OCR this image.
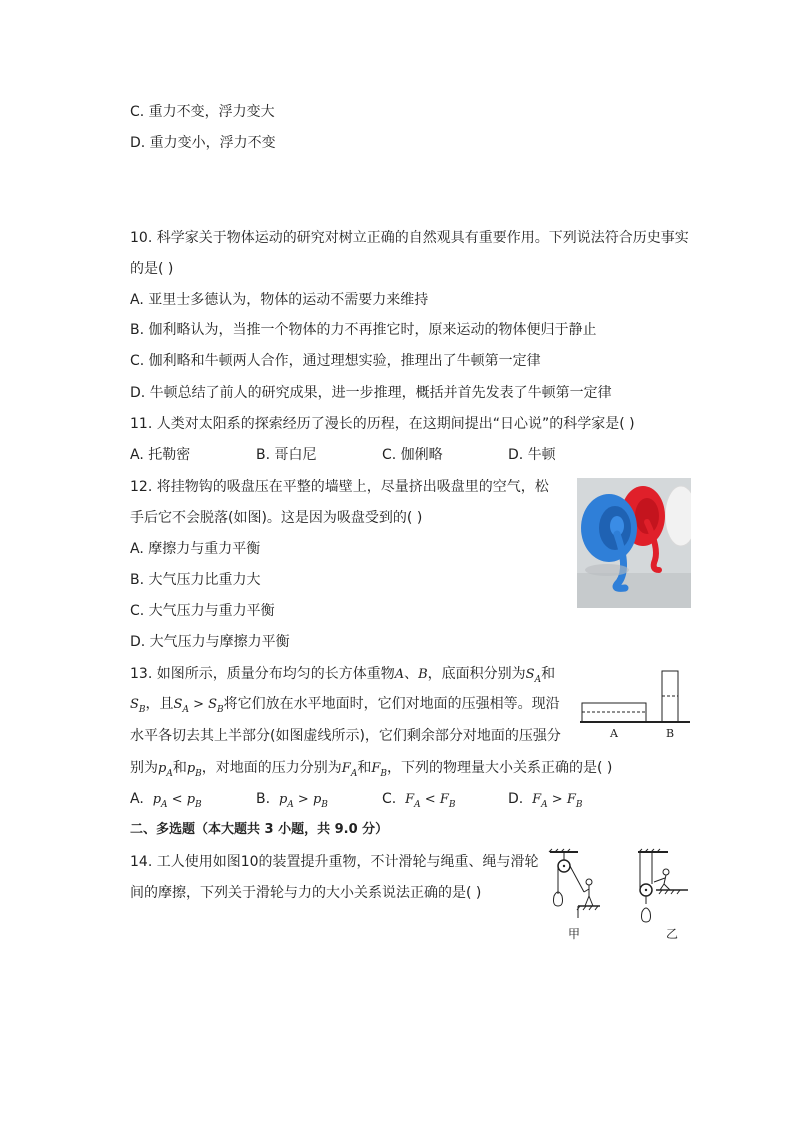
C. 重力不变，浮力变大
D. 重力变小，浮力不变
10. 科学家关于物体运动的研究对树立正确的自然观具有重要作用。下列说法符合历史事实
的是( )
A. 亚里士多德认为，物体的运动不需要力来维持
B. 伽利略认为，当推一个物体的力不再推它时，原来运动的物体便归于静止
C. 伽利略和牛顿两人合作，通过理想实验，推理出了牛顿第一定律
D. 牛顿总结了前人的研究成果，进一步推理，概括并首先发表了牛顿第一定律
11. 人类对太阳系的探索经历了漫长的历程，在这期间提出“日心说”的科学家是( )
A. 托勒密	B. 哥白尼	C. 伽俐略	D. 牛顿
12. 将挂物钩的吸盘压在平整的墙壁上，尽量挤出吸盘里的空气，松
手后它不会脱落(如图)。这是因为吸盘受到的( )
A. 摩擦力与重力平衡
B. 大气压力比重力大
C. 大气压力与重力平衡
D. 大气压力与摩擦力平衡
13. 如图所示，质量分布均匀的长方体重物A、B，底面积分别为$S_A$和
$S_B$，且$S_A > S_B$将它们放在水平地面时，它们对地面的压强相等。现沿
水平各切去其上半部分(如图虚线所示)，它们剩余部分对地面的压强分
别为$p_A$和$p_B$，对地面的压力分别为$F_A$和$F_B$，下列的物理量大小关系正确的是( )
A	B
A. $p_A < p_B$	B. $p_A > p_B$	C. $F_A < F_B$	D. $F_A > F_B$
二、多选题（本大题共 3 小题，共 9.0 分）
14. 工人使用如图10的装置提升重物，不计滑轮与绳重、绳与滑轮
间的摩擦，下列关于滑轮与力的大小关系说法正确的是( )
甲	乙
